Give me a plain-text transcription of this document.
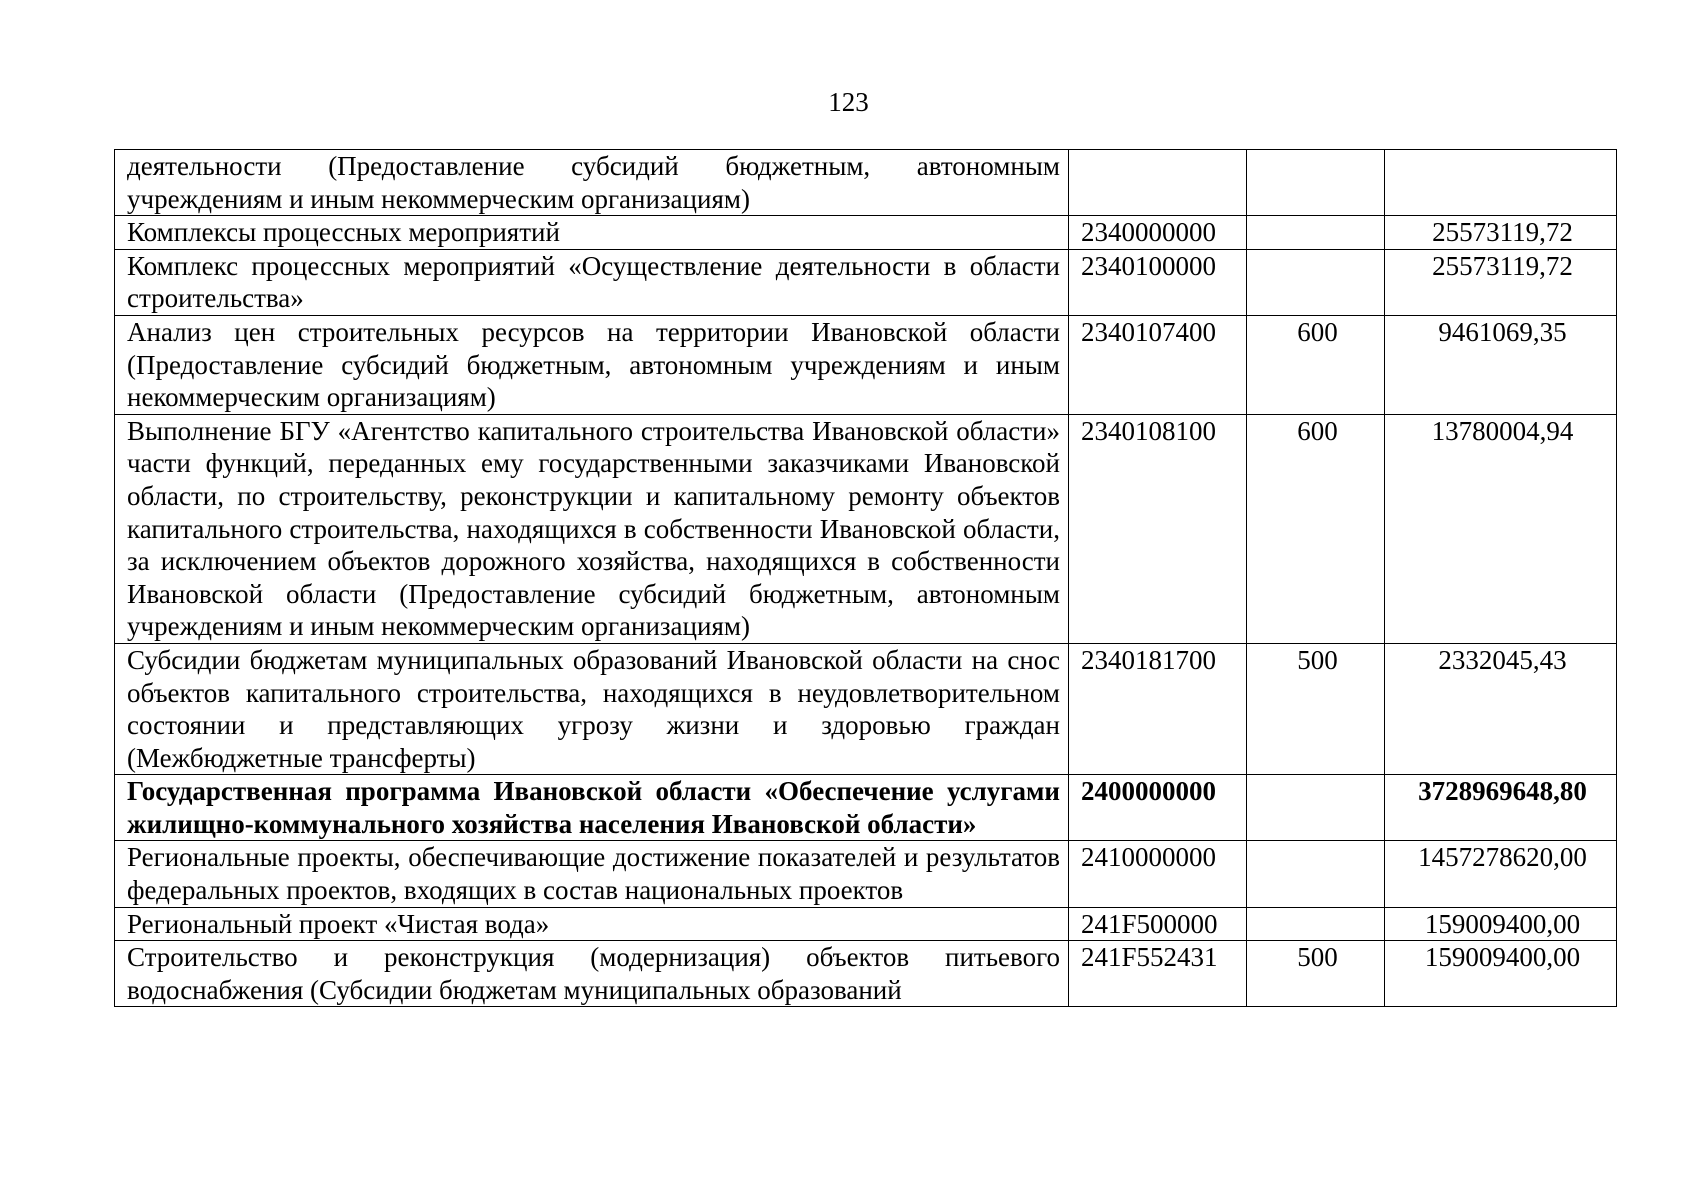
123
деятельности (Предоставление субсидий бюджетным, автономным учреждениям и иным некоммерческим организациям)			
Комплексы процессных мероприятий	2340000000		25573119,72
Комплекс процессных мероприятий «Осуществление деятельности в области строительства»	2340100000		25573119,72
Анализ цен строительных ресурсов на территории Ивановской области (Предоставление субсидий бюджетным, автономным учреждениям и иным некоммерческим организациям)	2340107400	600	9461069,35
Выполнение БГУ «Агентство капитального строительства Ивановской области» части функций, переданных ему государственными заказчиками Ивановской области, по строительству, реконструкции и капитальному ремонту объектов капитального строительства, находящихся в собственности Ивановской области, за исключением объектов дорожного хозяйства, находящихся в собственности Ивановской области (Предоставление субсидий бюджетным, автономным учреждениям и иным некоммерческим организациям)	2340108100	600	13780004,94
Субсидии бюджетам муниципальных образований Ивановской области на снос объектов капитального строительства, находящихся в неудовлетворительном состоянии и представляющих угрозу жизни и здоровью граждан (Межбюджетные трансферты)	2340181700	500	2332045,43
Государственная программа Ивановской области «Обеспечение услугами жилищно-коммунального хозяйства населения Ивановской области»	2400000000		3728969648,80
Региональные проекты, обеспечивающие достижение показателей и результатов федеральных проектов, входящих в состав национальных проектов	2410000000		1457278620,00
Региональный проект «Чистая вода»	241F500000		159009400,00
Строительство и реконструкция (модернизация) объектов питьевого водоснабжения (Субсидии бюджетам муниципальных образований	241F552431	500	159009400,00
